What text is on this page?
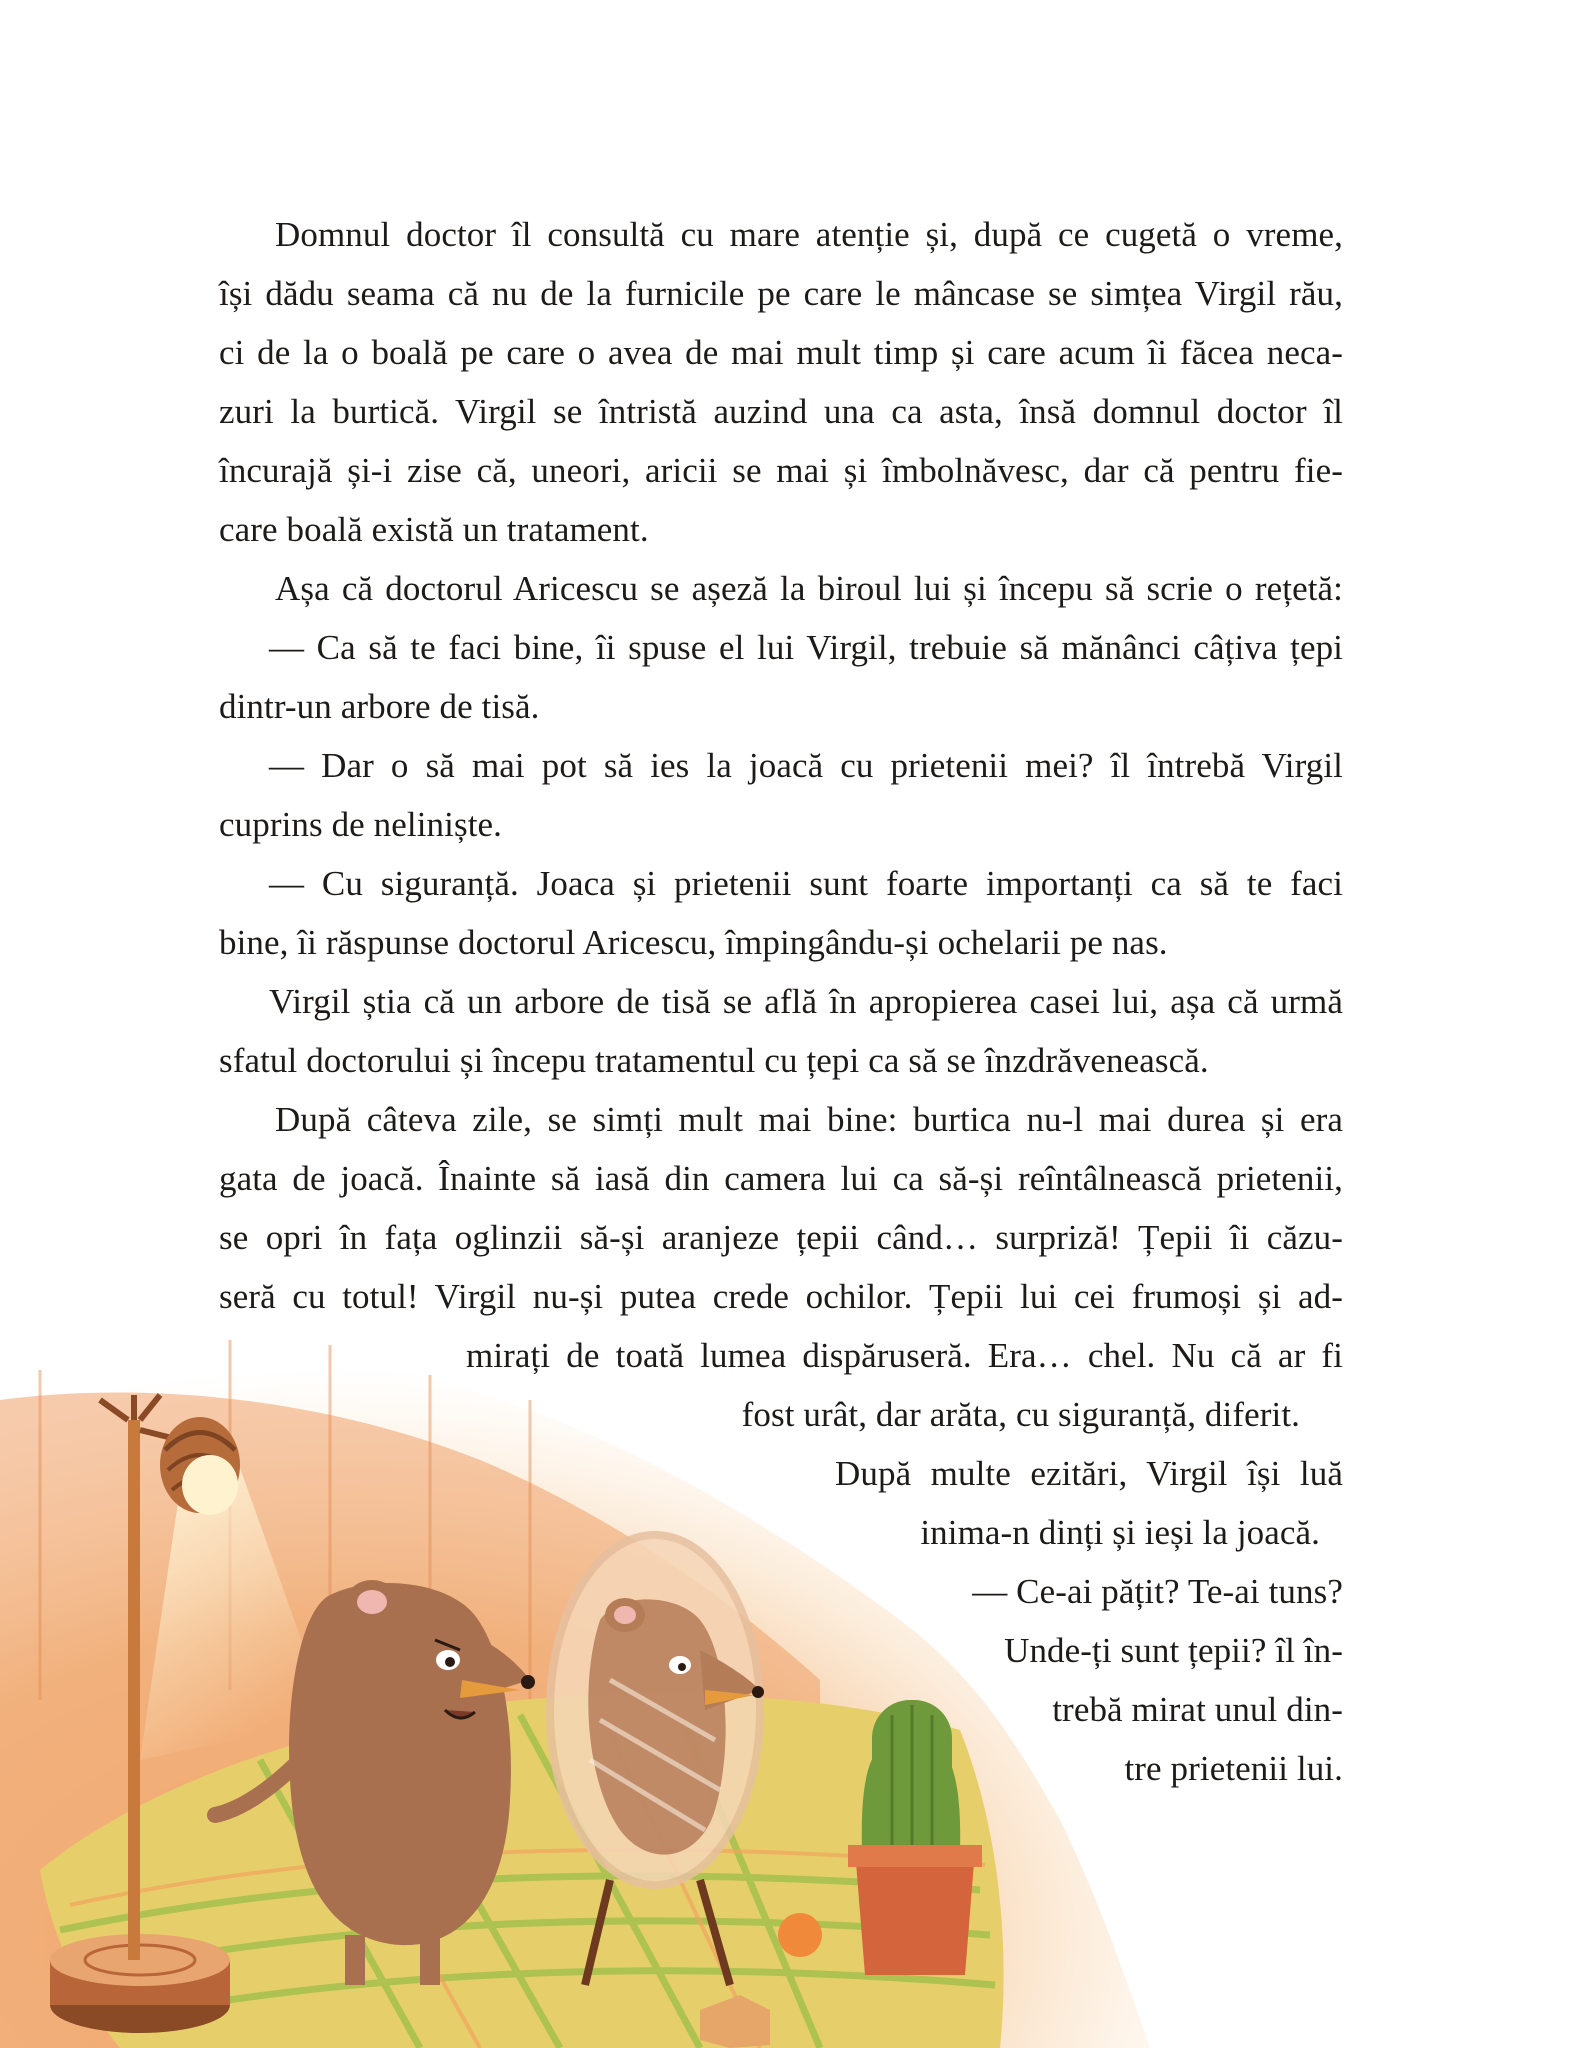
Domnul doctor îl consultă cu mare atenție și, după ce cugetă o vreme,
își dădu seama că nu de la furnicile pe care le mâncase se simțea Virgil rău,
ci de la o boală pe care o avea de mai mult timp și care acum îi făcea neca-
zuri la burtică. Virgil se întristă auzind una ca asta, însă domnul doctor îl
încurajă și-i zise că, uneori, aricii se mai și îmbolnăvesc, dar că pentru fie-
care boală există un tratament.
Așa că doctorul Aricescu se așeză la biroul lui și începu să scrie o rețetă:
— Ca să te faci bine, îi spuse el lui Virgil, trebuie să mănânci câțiva țepi
dintr-un arbore de tisă.
— Dar o să mai pot să ies la joacă cu prietenii mei? îl întrebă Virgil
cuprins de neliniște.
— Cu siguranță. Joaca și prietenii sunt foarte importanți ca să te faci
bine, îi răspunse doctorul Aricescu, împingându-și ochelarii pe nas.
Virgil știa că un arbore de tisă se află în apropierea casei lui, așa că urmă
sfatul doctorului și începu tratamentul cu țepi ca să se înzdrăvenească.
După câteva zile, se simți mult mai bine: burtica nu-l mai durea și era
gata de joacă. Înainte să iasă din camera lui ca să-și reîntâlnească prietenii,
se opri în fața oglinzii să-și aranjeze țepii când… surpriză! Țepii îi căzu-
seră cu totul! Virgil nu-și putea crede ochilor. Țepii lui cei frumoși și ad-
mirați de toată lumea dispăruseră. Era… chel. Nu că ar fi
fost urât, dar arăta, cu siguranță, diferit.
După multe ezitări, Virgil își luă
inima-n dinți și ieși la joacă.
— Ce-ai pățit? Te-ai tuns?
Unde-ți sunt țepii? îl în-
trebă mirat unul din-
tre prietenii lui.
